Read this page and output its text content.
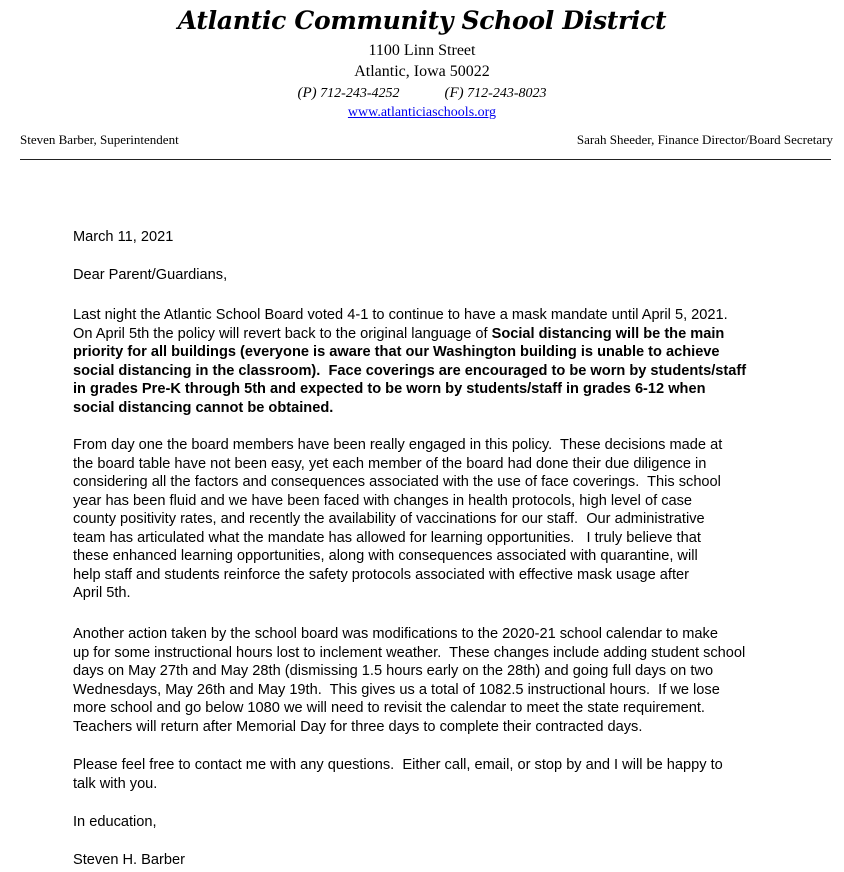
Atlantic Community School District
1100 Linn Street
Atlantic, Iowa 50022
(P) 712-243-4252	(F) 712-243-8023
www.atlanticiaschools.org
Steven Barber, Superintendent	Sarah Sheeder, Finance Director/Board Secretary

March 11, 2021

Dear Parent/Guardians,

Last night the Atlantic School Board voted 4-1 to continue to have a mask mandate until April 5, 2021.

On April 5th the policy will revert back to the original language of Social distancing will be the main

priority for all buildings (everyone is aware that our Washington building is unable to achieve

social distancing in the classroom).  Face coverings are encouraged to be worn by students/staff

in grades Pre-K through 5th and expected to be worn by students/staff in grades 6-12 when

social distancing cannot be obtained.

From day one the board members have been really engaged in this policy.  These decisions made at

the board table have not been easy, yet each member of the board had done their due diligence in

considering all the factors and consequences associated with the use of face coverings.  This school

year has been fluid and we have been faced with changes in health protocols, high level of case

county positivity rates, and recently the availability of vaccinations for our staff.  Our administrative

team has articulated what the mandate has allowed for learning opportunities.   I truly believe that

these enhanced learning opportunities, along with consequences associated with quarantine, will

help staff and students reinforce the safety protocols associated with effective mask usage after

April 5th.

Another action taken by the school board was modifications to the 2020-21 school calendar to make

up for some instructional hours lost to inclement weather.  These changes include adding student school

days on May 27th and May 28th (dismissing 1.5 hours early on the 28th) and going full days on two

Wednesdays, May 26th and May 19th.  This gives us a total of 1082.5 instructional hours.  If we lose

more school and go below 1080 we will need to revisit the calendar to meet the state requirement.

Teachers will return after Memorial Day for three days to complete their contracted days.

Please feel free to contact me with any questions.  Either call, email, or stop by and I will be happy to

talk with you.

In education,

Steven H. Barber
